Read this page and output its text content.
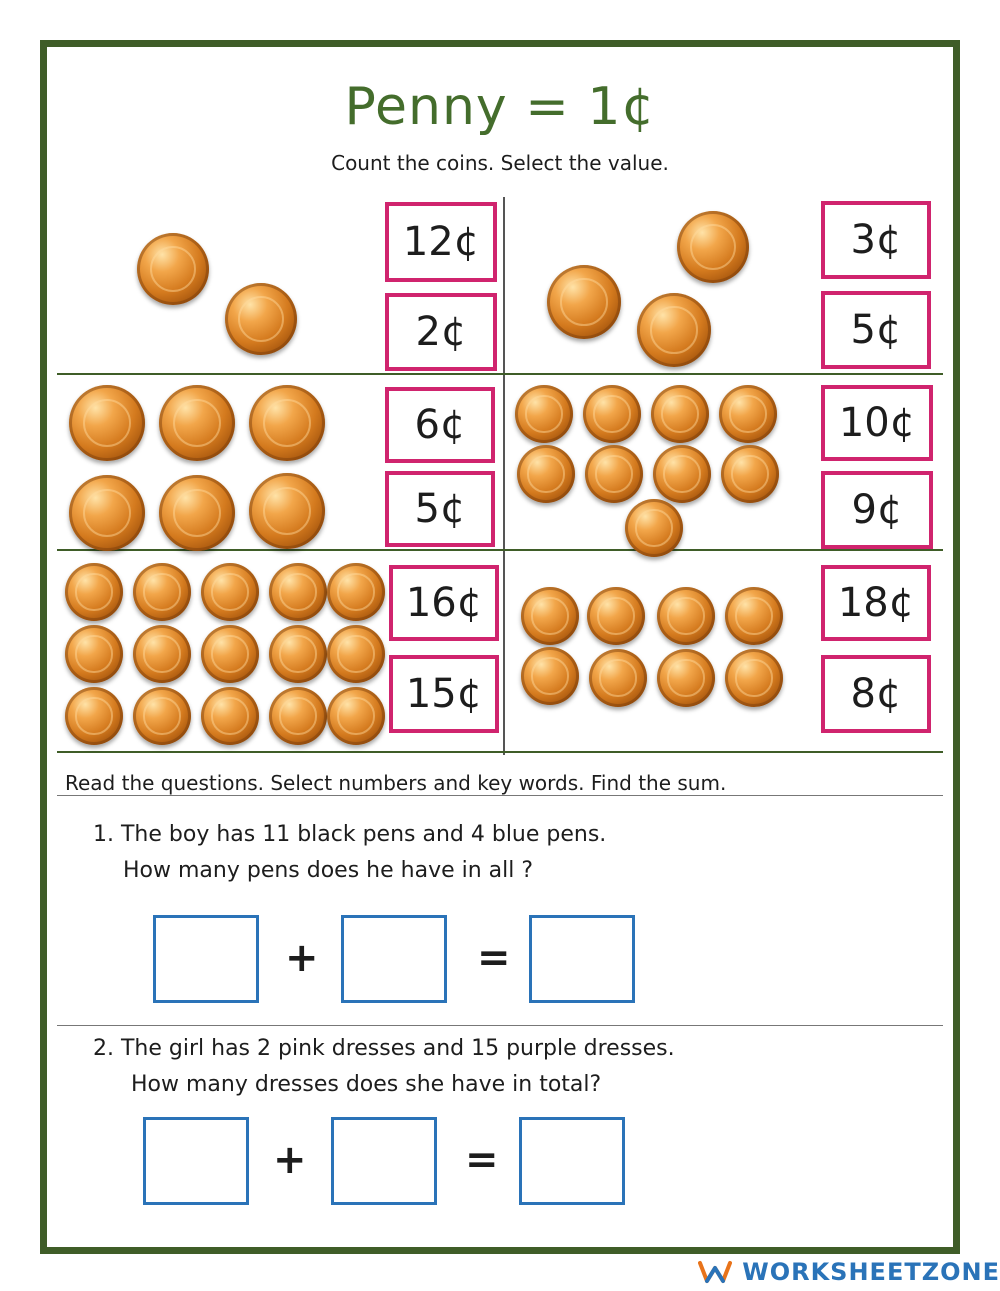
Penny = 1¢
Count the coins. Select the value.
12¢
2¢
3¢
5¢
6¢
5¢
10¢
9¢
16¢
15¢
18¢
8¢
Read the questions. Select numbers and key words. Find the sum.
1. The boy has 11 black pens and 4 blue pens.
How many pens does he have in all ?
+	=
2. The girl has 2 pink dresses and 15 purple dresses.
How many dresses does she have in total?
+	=
WORKSHEETZONE
